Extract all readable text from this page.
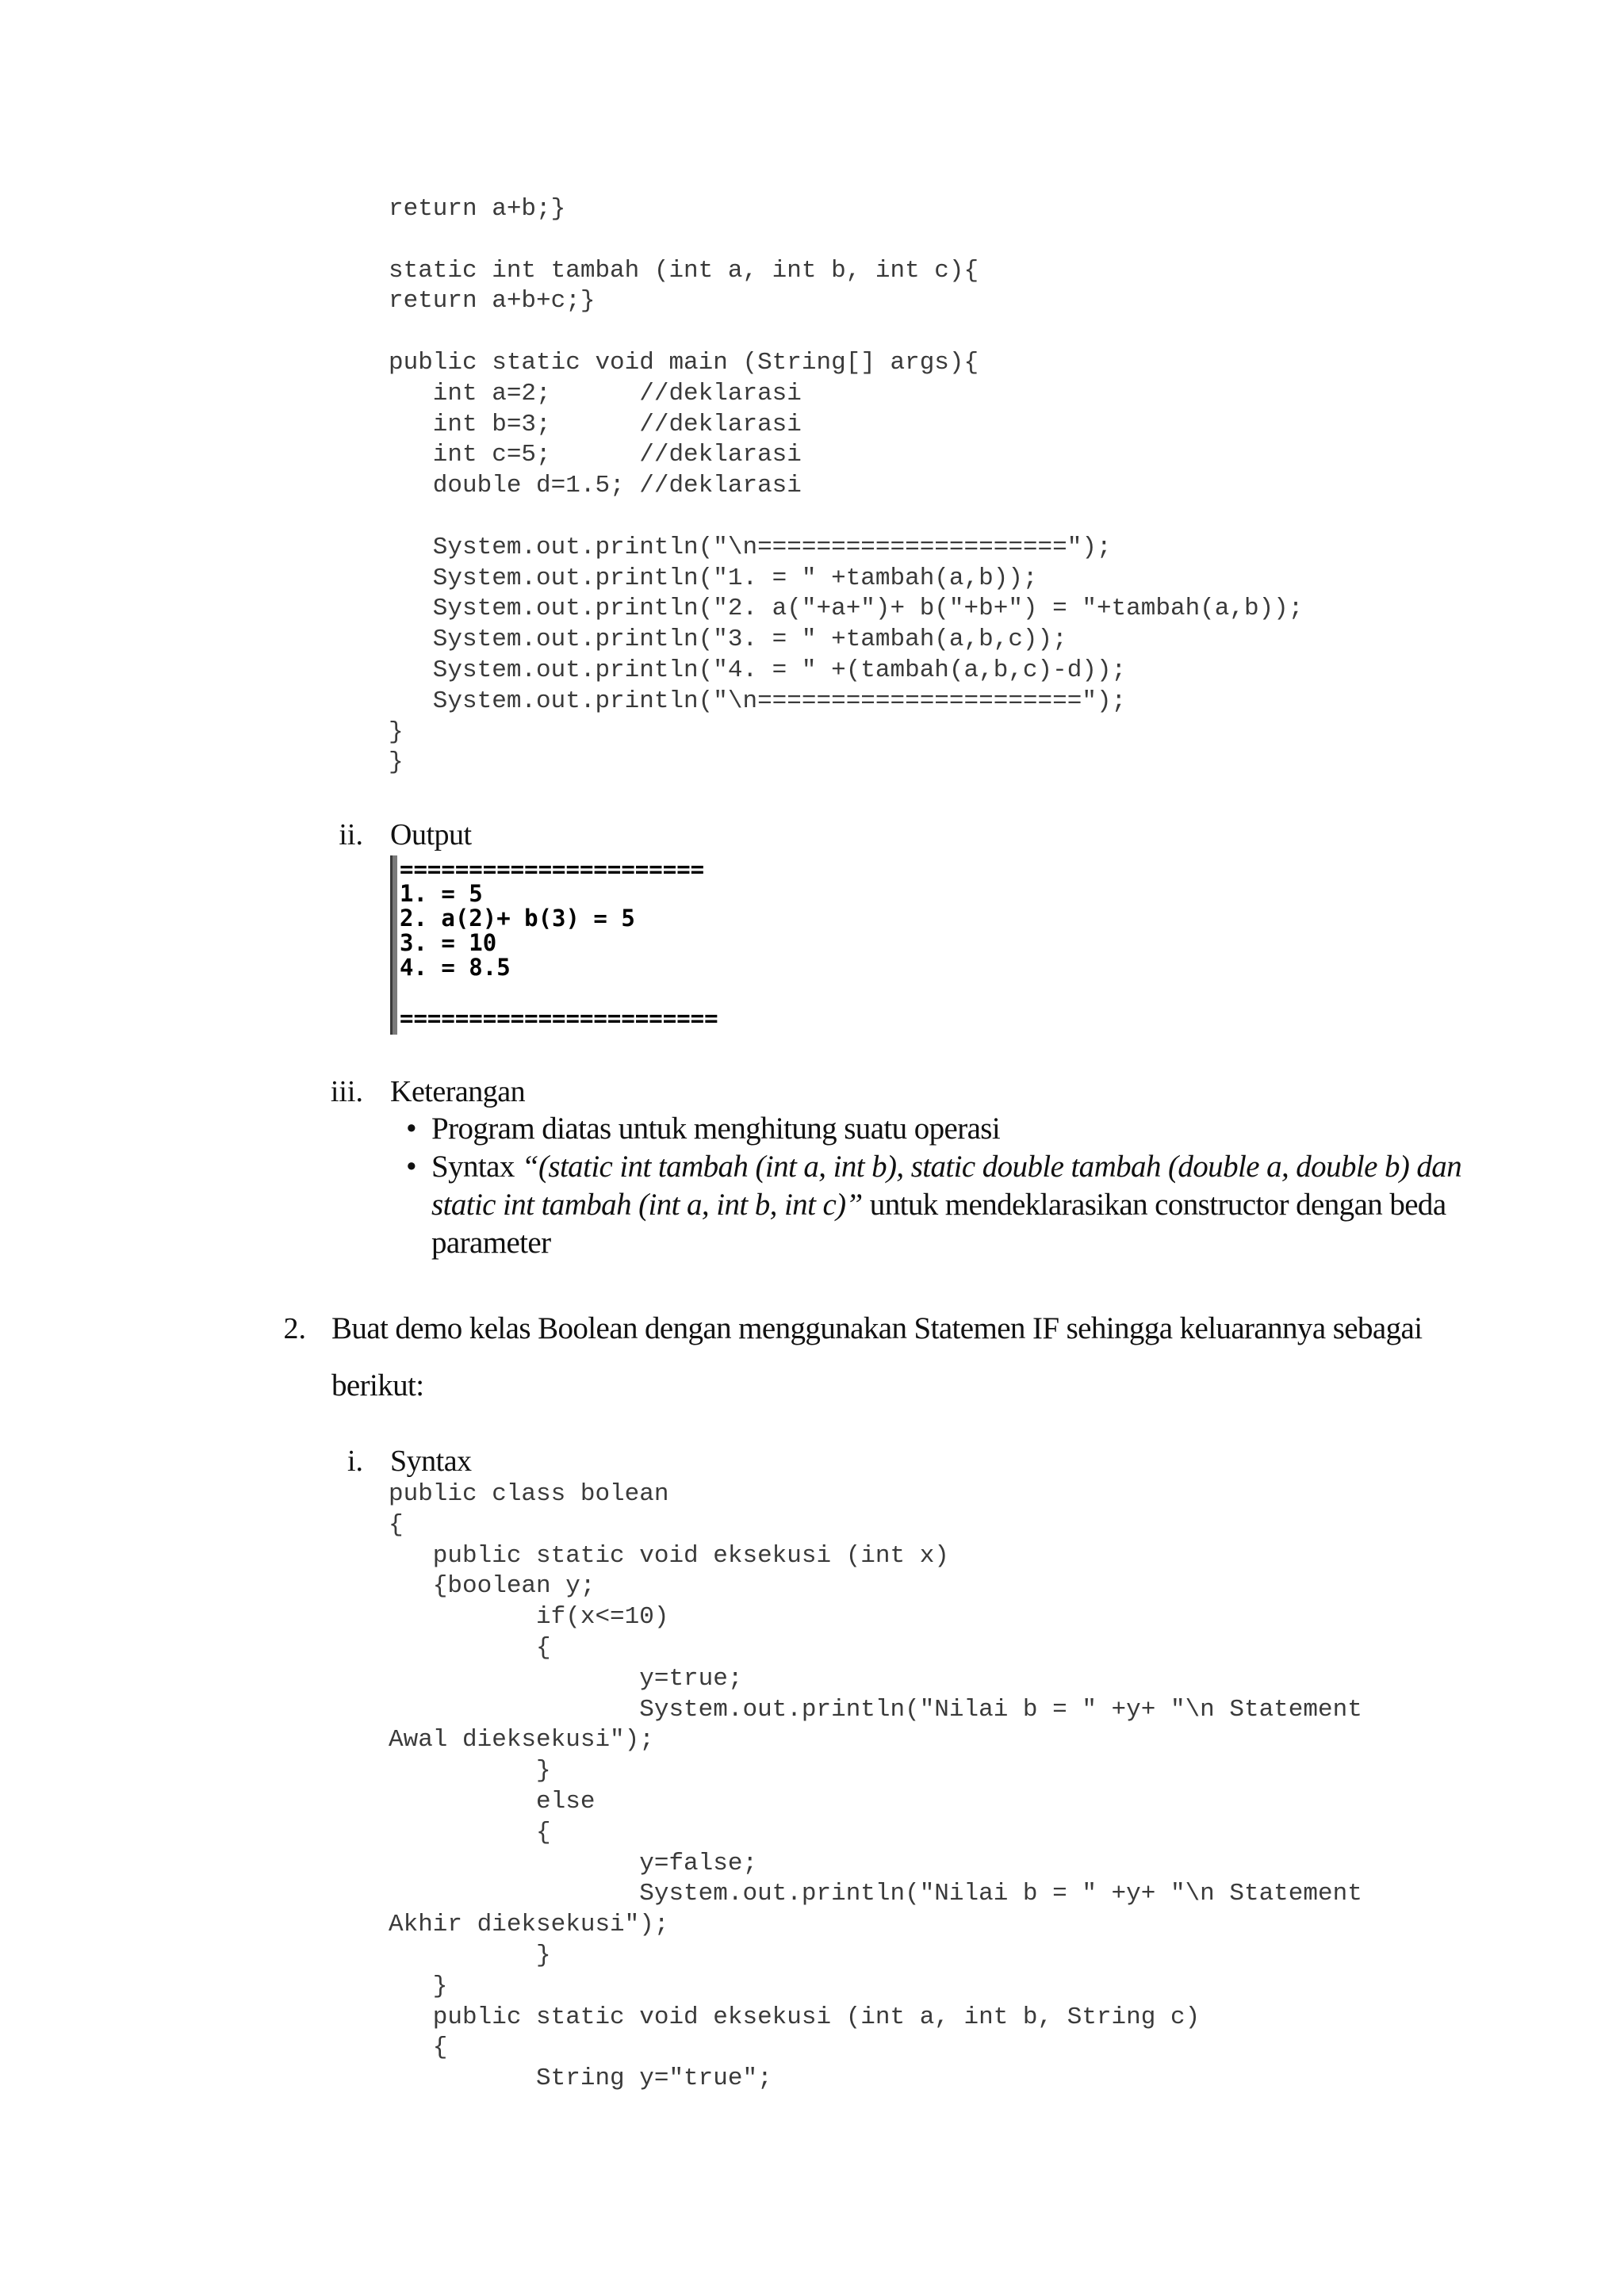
return a+b;}

static int tambah (int a, int b, int c){
return a+b+c;}

public static void main (String[] args){
int a=2;      //deklarasi
int b=3;      //deklarasi
int c=5;      //deklarasi
double d=1.5; //deklarasi

System.out.println("\n=====================");
System.out.println("1. = " +tambah(a,b));
System.out.println("2. a("+a+")+ b("+b+") = "+tambah(a,b));
System.out.println("3. = " +tambah(a,b,c));
System.out.println("4. = " +(tambah(a,b,c)-d));
System.out.println("\n======================");
}
}
ii. Output
======================
1. = 5
2. a(2)+ b(3) = 5
3. = 10
4. = 8.5
=======================
iii. Keterangan
• Program diatas untuk menghitung suatu operasi
• Syntax “(static int tambah (int a, int b), static double tambah (double a, double b) dan static int tambah (int a, int b, int c)” untuk mendeklarasikan constructor dengan beda parameter
2. Buat demo kelas Boolean dengan menggunakan Statemen IF sehingga keluarannya sebagai berikut:
i. Syntax
public class bolean
{
public static void eksekusi (int x)
{boolean y;
if(x<=10)
{
y=true;
System.out.println("Nilai b = " +y+ "\n Statement
Awal dieksekusi");
}
else
{
y=false;
System.out.println("Nilai b = " +y+ "\n Statement
Akhir dieksekusi");
}
}
public static void eksekusi (int a, int b, String c)
{
String y="true";
